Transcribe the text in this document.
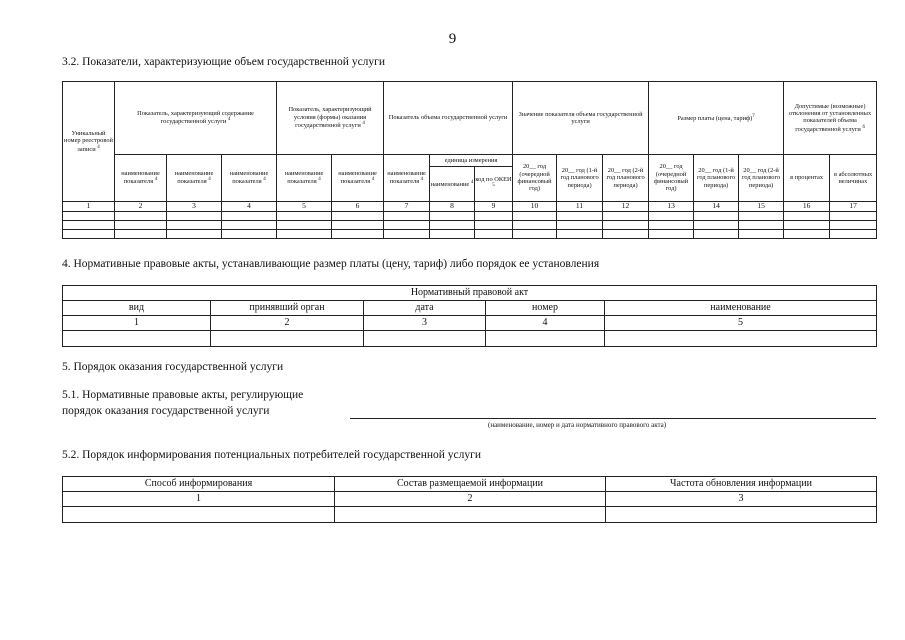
9
3.2. Показатели, характеризующие объем государственной услуги
Уникальный номер реестровой записи $^4$	Показатель, характеризующий содержание государственной услуги $^4$			Показатель, характеризующий условия (формы) оказания государственной услуги $^4$		Показатель объема государственной услуги			Значение показателя объема государственной услуги			Размер платы (цена, тариф)$^7$			Допустимые (возможные) отклонения от установленных показателей объема государственной услуги $^6$
	наименование показателя $^4$	наименование показателя $^4$	наименование показателя $^4$	наименование показателя $^4$	наименование показателя $^4$	наименование показателя $^4$	единица измерения		20__ год (очередной финансовый год)	20__ год (1-й год планового периода)	20__ год (2-й год планового периода)	20__ год (очередной финансовый год)	20__ год (1-й год планового периода)	20__ год (2-й год планового периода)	в процентах	в абсолютных величинах
							наименование $^4$	код по ОКЕИ $^5$
1	2	3	4	5	6	7	8	9	10	11	12	13	14	15	16	17

4. Нормативные правовые акты, устанавливающие размер платы (цену, тариф) либо порядок ее установления
Нормативный правовой акт				
вид	принявший орган	дата	номер	наименование
1	2	3	4	5

5. Порядок оказания государственной услуги
5.1. Нормативные правовые акты, регулирующие
порядок оказания государственной услуги
(наименование, номер и дата нормативного правового акта)
5.2. Порядок информирования потенциальных потребителей государственной услуги
Способ информирования	Состав размещаемой информации	Частота обновления информации
1	2	3
